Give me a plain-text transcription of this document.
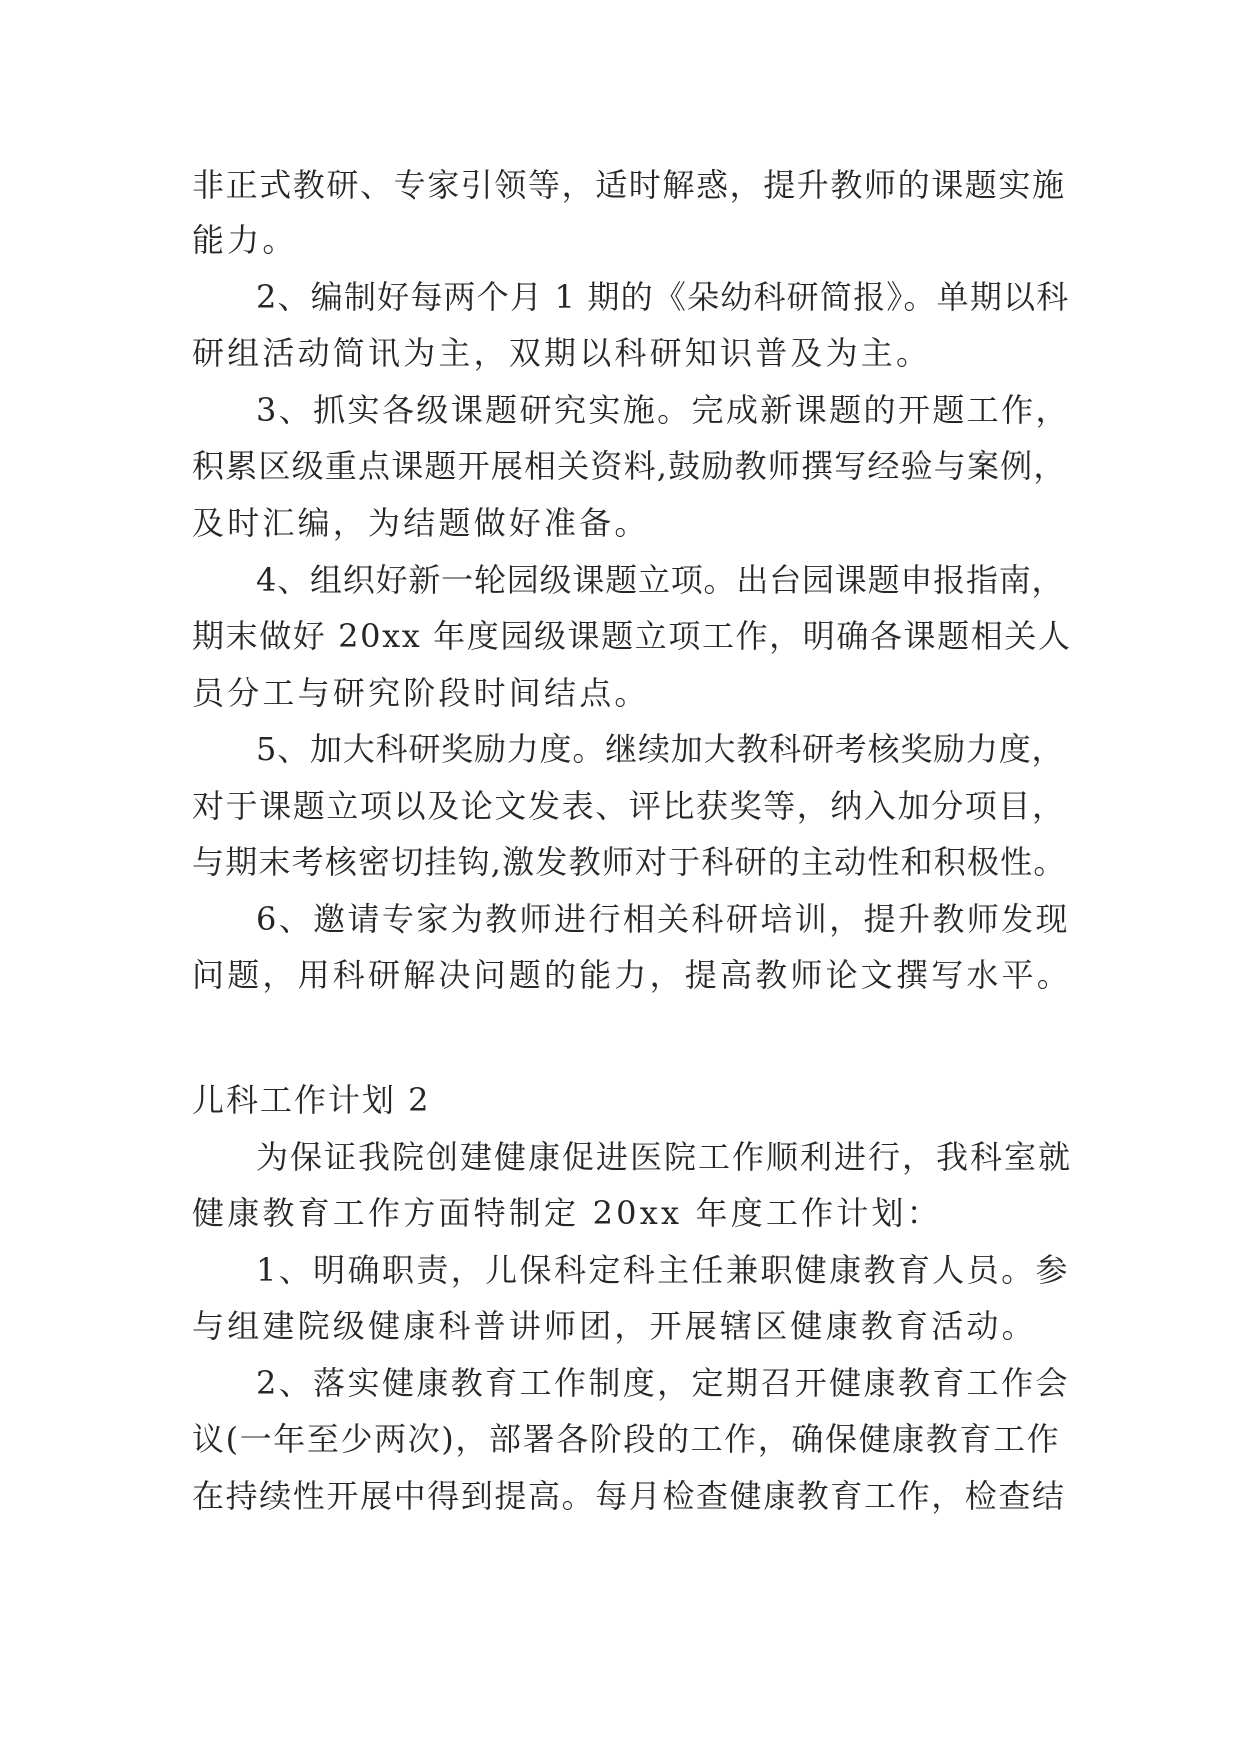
非正式教研、专家引领等，适时解惑，提升教师的课题实施
能力。
2、编制好每两个月 1 期的《朵幼科研简报》。单期以科
研组活动简讯为主，双期以科研知识普及为主。
3、抓实各级课题研究实施。完成新课题的开题工作，
积累区级重点课题开展相关资料,鼓励教师撰写经验与案例，
及时汇编，为结题做好准备。
4、组织好新一轮园级课题立项。出台园课题申报指南，
期末做好 20xx 年度园级课题立项工作，明确各课题相关人
员分工与研究阶段时间结点。
5、加大科研奖励力度。继续加大教科研考核奖励力度，
对于课题立项以及论文发表、评比获奖等，纳入加分项目，
与期末考核密切挂钩,激发教师对于科研的主动性和积极性。
6、邀请专家为教师进行相关科研培训，提升教师发现
问题，用科研解决问题的能力，提高教师论文撰写水平。
儿科工作计划 2
为保证我院创建健康促进医院工作顺利进行，我科室就
健康教育工作方面特制定 20xx 年度工作计划：
1、明确职责，儿保科定科主任兼职健康教育人员。参
与组建院级健康科普讲师团，开展辖区健康教育活动。
2、落实健康教育工作制度，定期召开健康教育工作会
议(一年至少两次)，部署各阶段的工作，确保健康教育工作
在持续性开展中得到提高。每月检查健康教育工作，检查结
